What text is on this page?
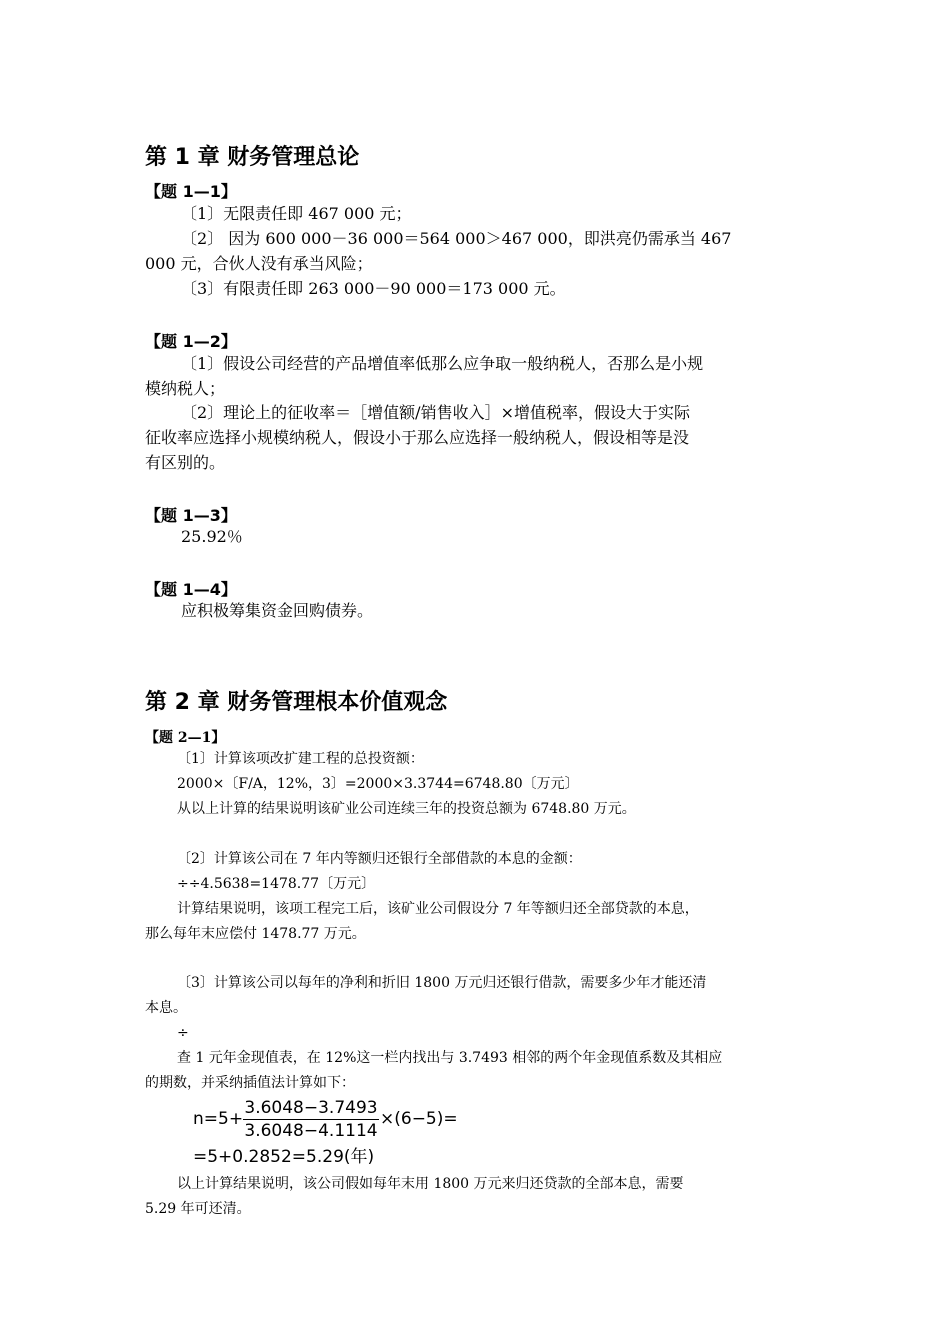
第 1 章 财务管理总论
【题 1—1】
〔1〕无限责任即 467 000 元；
〔2〕 因为 600 000－36 000＝564 000＞467 000，即洪亮仍需承当 467
000 元，合伙人没有承当风险；
〔3〕有限责任即 263 000－90 000＝173 000 元。
【题 1—2】
〔1〕假设公司经营的产品增值率低那么应争取一般纳税人，否那么是小规
模纳税人；
〔2〕理论上的征收率＝［增值额/销售收入］×增值税率，假设大于实际
征收率应选择小规模纳税人，假设小于那么应选择一般纳税人，假设相等是没
有区别的。
【题 1—3】
25.92％
【题 1—4】
应积极筹集资金回购债券。
第 2 章 财务管理根本价值观念
【题 2—1】
〔1〕计算该项改扩建工程的总投资额：
2000×〔F/A，12%，3〕=2000×3.3744=6748.80〔万元〕
从以上计算的结果说明该矿业公司连续三年的投资总额为 6748.80 万元。
〔2〕计算该公司在 7 年内等额归还银行全部借款的本息的金额：
÷÷4.5638=1478.77〔万元〕
计算结果说明，该项工程完工后，该矿业公司假设分 7 年等额归还全部贷款的本息，
那么每年末应偿付 1478.77 万元。
〔3〕计算该公司以每年的净利和折旧 1800 万元归还银行借款，需要多少年才能还清
本息。
÷
查 1 元年金现值表，在 12%这一栏内找出与 3.7493 相邻的两个年金现值系数及其相应
的期数，并采纳插值法计算如下：
n=5+
3.6048−3.7493
3.6048−4.1114
×(6−5)=
=5+0.2852=5.29(年)
以上计算结果说明，该公司假如每年末用 1800 万元来归还贷款的全部本息，需要
5.29 年可还清。
